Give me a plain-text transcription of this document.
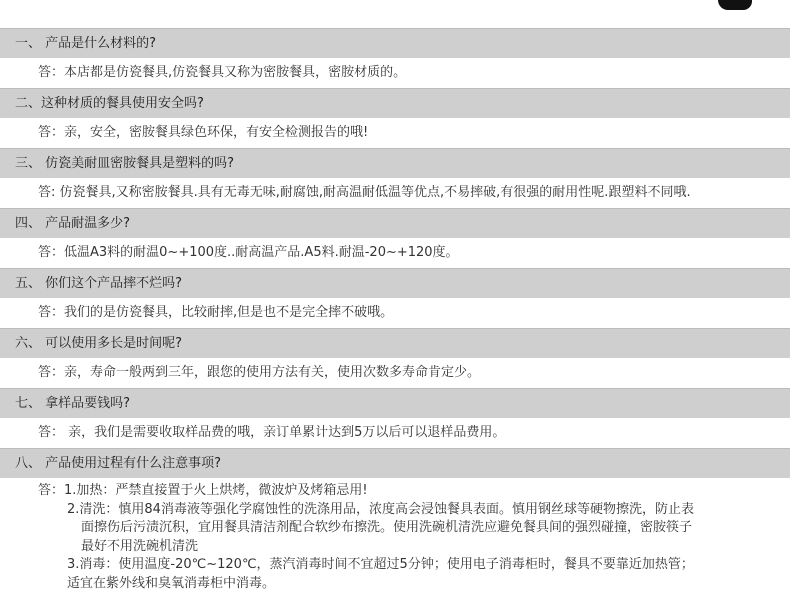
一、 产品是什么材料的?
答：本店都是仿瓷餐具,仿瓷餐具又称为密胺餐具，密胺材质的。
二、这种材质的餐具使用安全吗?
答：亲，安全，密胺餐具绿色环保，有安全检测报告的哦!
三、 仿瓷美耐皿密胺餐具是塑料的吗?
答: 仿瓷餐具,又称密胺餐具.具有无毒无味,耐腐蚀,耐高温耐低温等优点,不易摔破,有很强的耐用性呢.跟塑料不同哦.
四、 产品耐温多少?
答：低温A3料的耐温0~+100度..耐高温产品.A5料.耐温-20~+120度。
五、 你们这个产品摔不烂吗?
答：我们的是仿瓷餐具，比较耐摔,但是也不是完全摔不破哦。
六、 可以使用多长是时间呢?
答：亲，寿命一般两到三年，跟您的使用方法有关，使用次数多寿命肯定少。
七、 拿样品要钱吗?
答： 亲，我们是需要收取样品费的哦，亲订单累计达到5万以后可以退样品费用。
八、 产品使用过程有什么注意事项?
答： 1. 加热：严禁直接置于火上烘烤，微波炉及烤箱忌用!
2. 清洗：慎用84消毒液等强化学腐蚀性的洗涤用品，浓度高会浸蚀餐具表面。慎用钢丝球等硬物擦洗，防止表
面擦伤后污渍沉积，宜用餐具清洁剂配合软纱布擦洗。使用洗碗机清洗应避免餐具间的强烈碰撞，密胺筷子
最好不用洗碗机清洗
3. 消毒：使用温度-20℃~120℃，蒸汽消毒时间不宜超过5分钟；使用电子消毒柜时，餐具不要靠近加热管；
适宜在紫外线和臭氧消毒柜中消毒。
